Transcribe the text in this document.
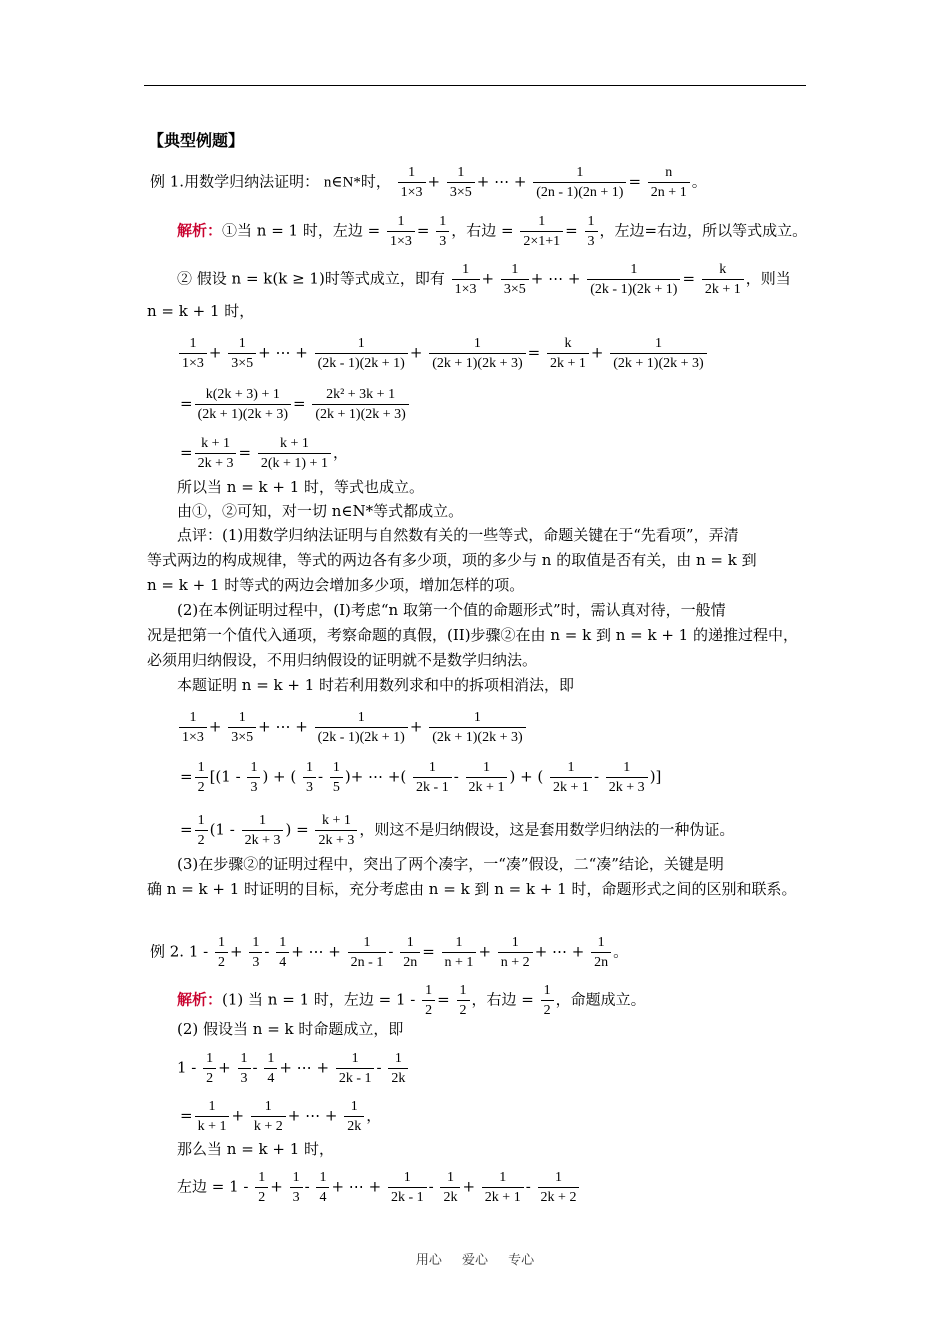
【典型例题】
例 1.用数学归纳法证明： n∈N*时， $\frac{1}{1\times 3} + \frac{1}{3\times 5}$ + ⋯ + $\frac{1}{(2n - 1)(2n + 1)} = \frac{n}{2n + 1}$ 。
解析：①当 n = 1 时，左边 = $\frac{1}{1\times 3} = \frac{1}{3}$ ，右边 = $\frac{1}{2\times 1+1} = \frac{1}{3}$ ，左边=右边，所以等式成立。
② 假设 n = k(k ≥ 1)时等式成立，即有 $\frac{1}{1\times 3} + \frac{1}{3\times 5}$ + ⋯ + $\frac{1}{(2k - 1)(2k + 1)} = \frac{k}{2k + 1}$ ，则当
n = k + 1 时，
$\frac{1}{1\times 3} + \frac{1}{3\times 5}$ + ⋯ + $\frac{1}{(2k - 1)(2k + 1)} + \frac{1}{(2k + 1)(2k + 3)} = \frac{k}{2k + 1} + \frac{1}{(2k + 1)(2k + 3)}$
= $\frac{k(2k + 3) + 1}{(2k + 1)(2k + 3)} = \frac{\text{2k² + 3k + 1}}{(2k + 1)(2k + 3)}$
= $\frac{k + 1}{2k + 3} = \frac{k + 1}{2(k + 1) + 1}$ ，
所以当 n = k + 1 时，等式也成立。
由①，②可知，对一切 n∈N*等式都成立。
点评：(1)用数学归纳法证明与自然数有关的一些等式，命题关键在于“先看项”，弄清
等式两边的构成规律，等式的两边各有多少项，项的多少与 n 的取值是否有关，由 n = k 到
n = k + 1 时等式的两边会增加多少项，增加怎样的项。
(2)在本例证明过程中，(I)考虑“n 取第一个值的命题形式”时，需认真对待，一般情
况是把第一个值代入通项，考察命题的真假，(II)步骤②在由 n = k 到 n = k + 1 的递推过程中，
必须用归纳假设，不用归纳假设的证明就不是数学归纳法。
本题证明 n = k + 1 时若利用数列求和中的拆项相消法，即
$\frac{1}{1\times 3} + \frac{1}{3\times 5}$ + ⋯ + $\frac{1}{(2k - 1)(2k + 1)} + \frac{1}{(2k + 1)(2k + 3)}$
= $\frac{1}{2} [(1 - \frac{1}{3}$ ) + ( $\frac{1}{3} - \frac{1}{5}$ )+ ⋯ +( $\frac{1}{2k - 1} - \frac{1}{2k + 1}$ ) + ( $\frac{1}{2k + 1} - \frac{1}{2k + 3}$ )]
= $\frac{1}{2} (1 - \frac{1}{2k + 3}$ ) = $\frac{k + 1}{2k + 3}$ ，则这不是归纳假设，这是套用数学归纳法的一种伪证。
(3)在步骤②的证明过程中，突出了两个凑字，一“凑”假设，二“凑”结论，关键是明
确 n = k + 1 时证明的目标，充分考虑由 n = k 到 n = k + 1 时，命题形式之间的区别和联系。
例 2. $1 - \frac{1}{2} + \frac{1}{3} - \frac{1}{4}$ + ⋯ + $\frac{1}{2n - 1} - \frac{1}{2n} = \frac{1}{n + 1} + \frac{1}{n + 2}$ + ⋯ + $\frac{1}{2n}$ 。
解析：(1) 当 n = 1 时，左边 = $1 - \frac{1}{2} = \frac{1}{2}$ ，右边 = $\frac{1}{2}$ ，命题成立。
(2) 假设当 n = k 时命题成立，即
$1 - \frac{1}{2} + \frac{1}{3} - \frac{1}{4}$ + ⋯ + $\frac{1}{2k - 1} - \frac{1}{2k}$
= $\frac{1}{k + 1} + \frac{1}{k + 2}$ + ⋯ + $\frac{1}{2k}$ ，
那么当 n = k + 1 时，
左边 = $1 - \frac{1}{2} + \frac{1}{3} - \frac{1}{4}$ + ⋯ + $\frac{1}{2k - 1} - \frac{1}{2k} + \frac{1}{2k + 1} - \frac{1}{2k + 2}$
用心 爱心 专心
